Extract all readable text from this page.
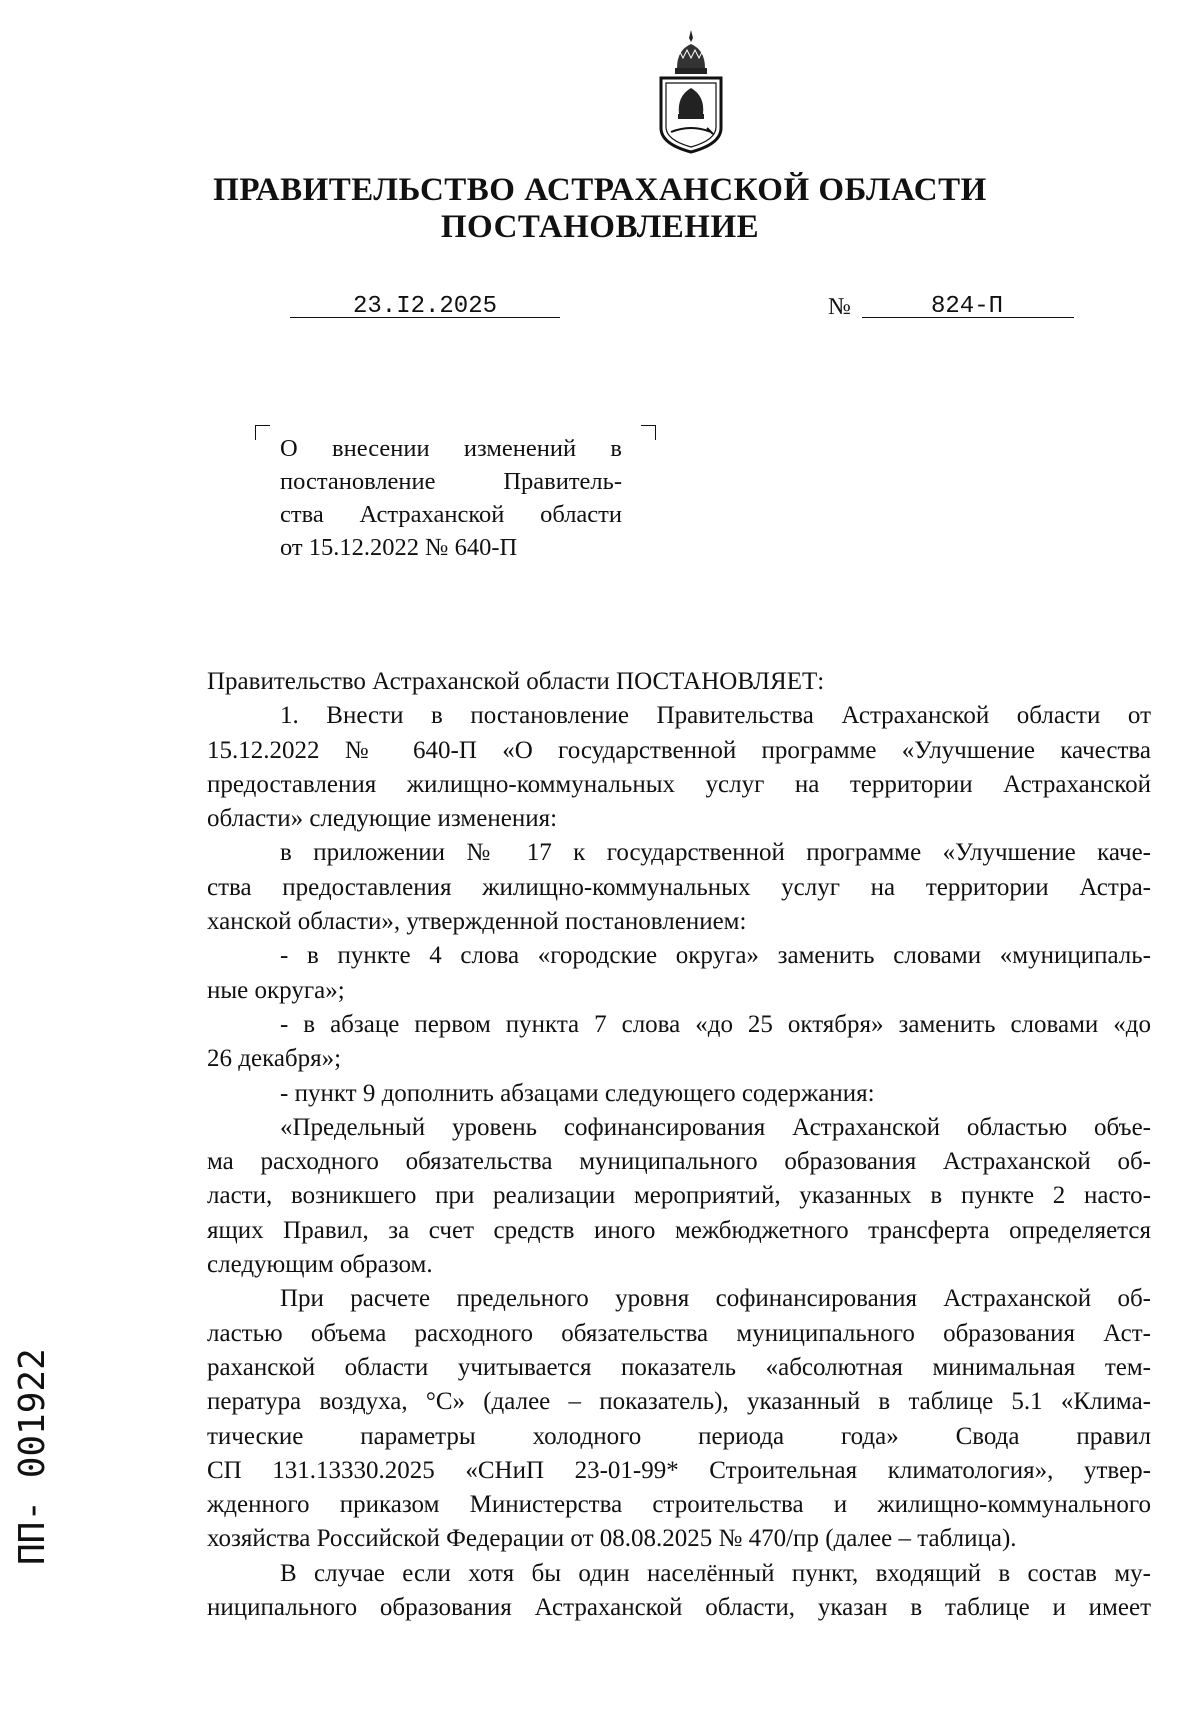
ПРАВИТЕЛЬСТВО АСТРАХАНСКОЙ ОБЛАСТИ
ПОСТАНОВЛЕНИЕ
23.I2.2025	№	824-П
О внесении изменений в
постановление Правитель-
ства Астраханской области
от 15.12.2022 № 640-П
Правительство Астраханской области ПОСТАНОВЛЯЕТ:
1. Внести в постановление Правительства Астраханской области от
15.12.2022 № 640-П «О государственной программе «Улучшение качества
предоставления жилищно-коммунальных услуг на территории Астраханской
области» следующие изменения:
в приложении № 17 к государственной программе «Улучшение каче-
ства предоставления жилищно-коммунальных услуг на территории Астра-
ханской области», утвержденной постановлением:
- в пункте 4 слова «городские округа» заменить словами «муниципаль-
ные округа»;
- в абзаце первом пункта 7 слова «до 25 октября» заменить словами «до
26 декабря»;
- пункт 9 дополнить абзацами следующего содержания:
«Предельный уровень софинансирования Астраханской областью объе-
ма расходного обязательства муниципального образования Астраханской об-
ласти, возникшего при реализации мероприятий, указанных в пункте 2 насто-
ящих Правил, за счет средств иного межбюджетного трансферта определяется
следующим образом.
При расчете предельного уровня софинансирования Астраханской об-
ластью объема расходного обязательства муниципального образования Аст-
раханской области учитывается показатель «абсолютная минимальная тем-
пература воздуха, °С» (далее – показатель), указанный в таблице 5.1 «Клима-
тические параметры холодного периода года» Свода правил
СП 131.13330.2025 «СНиП 23-01-99* Строительная климатология», утвер-
жденного приказом Министерства строительства и жилищно-коммунального
хозяйства Российской Федерации от 08.08.2025 № 470/пр (далее – таблица).
В случае если хотя бы один населённый пункт, входящий в состав му-
ниципального образования Астраханской области, указан в таблице и имеет
ПП- 001922
